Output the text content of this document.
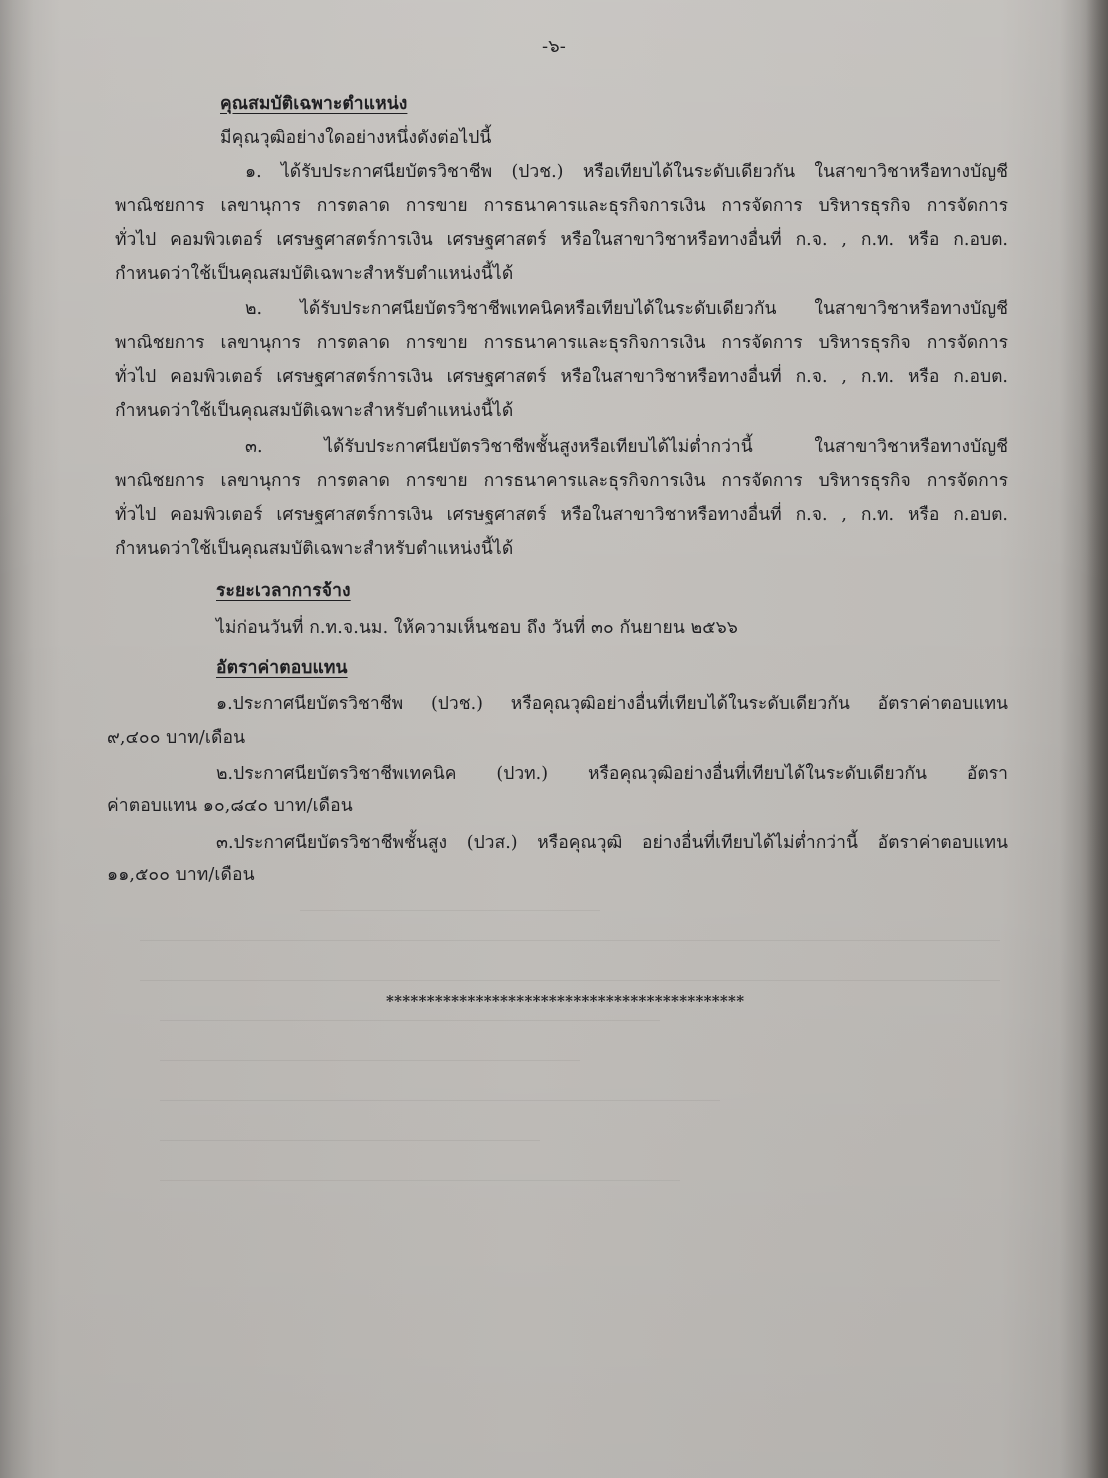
-๖-
คุณสมบัติเฉพาะตำแหน่ง
มีคุณวุฒิอย่างใดอย่างหนึ่งดังต่อไปนี้
๑. ได้รับประกาศนียบัตรวิชาชีพ (ปวช.) หรือเทียบได้ในระดับเดียวกัน ในสาขาวิชาหรือทางบัญชี
พาณิชยการ เลขานุการ การตลาด การขาย การธนาคารและธุรกิจการเงิน การจัดการ บริหารธุรกิจ การจัดการ
ทั่วไป คอมพิวเตอร์ เศรษฐศาสตร์การเงิน เศรษฐศาสตร์ หรือในสาขาวิชาหรือทางอื่นที่ ก.จ. , ก.ท. หรือ ก.อบต.
กำหนดว่าใช้เป็นคุณสมบัติเฉพาะสำหรับตำแหน่งนี้ได้
๒. ได้รับประกาศนียบัตรวิชาชีพเทคนิคหรือเทียบได้ในระดับเดียวกัน ในสาขาวิชาหรือทางบัญชี
พาณิชยการ เลขานุการ การตลาด การขาย การธนาคารและธุรกิจการเงิน การจัดการ บริหารธุรกิจ การจัดการ
ทั่วไป คอมพิวเตอร์ เศรษฐศาสตร์การเงิน เศรษฐศาสตร์ หรือในสาขาวิชาหรือทางอื่นที่ ก.จ. , ก.ท. หรือ ก.อบต.
กำหนดว่าใช้เป็นคุณสมบัติเฉพาะสำหรับตำแหน่งนี้ได้
๓. ได้รับประกาศนียบัตรวิชาชีพชั้นสูงหรือเทียบได้ไม่ต่ำกว่านี้ ในสาขาวิชาหรือทางบัญชี
พาณิชยการ เลขานุการ การตลาด การขาย การธนาคารและธุรกิจการเงิน การจัดการ บริหารธุรกิจ การจัดการ
ทั่วไป คอมพิวเตอร์ เศรษฐศาสตร์การเงิน เศรษฐศาสตร์ หรือในสาขาวิชาหรือทางอื่นที่ ก.จ. , ก.ท. หรือ ก.อบต.
กำหนดว่าใช้เป็นคุณสมบัติเฉพาะสำหรับตำแหน่งนี้ได้
ระยะเวลาการจ้าง
ไม่ก่อนวันที่ ก.ท.จ.นม. ให้ความเห็นชอบ ถึง วันที่ ๓๐ กันยายน ๒๕๖๖
อัตราค่าตอบแทน
๑.ประกาศนียบัตรวิชาชีพ (ปวช.) หรือคุณวุฒิอย่างอื่นที่เทียบได้ในระดับเดียวกัน อัตราค่าตอบแทน
๙,๔๐๐ บาท/เดือน
๒.ประกาศนียบัตรวิชาชีพเทคนิค (ปวท.) หรือคุณวุฒิอย่างอื่นที่เทียบได้ในระดับเดียวกัน อัตรา
ค่าตอบแทน ๑๐,๘๔๐ บาท/เดือน
๓.ประกาศนียบัตรวิชาชีพชั้นสูง (ปวส.) หรือคุณวุฒิ อย่างอื่นที่เทียบได้ไม่ต่ำกว่านี้ อัตราค่าตอบแทน
๑๑,๕๐๐ บาท/เดือน
********************************************
